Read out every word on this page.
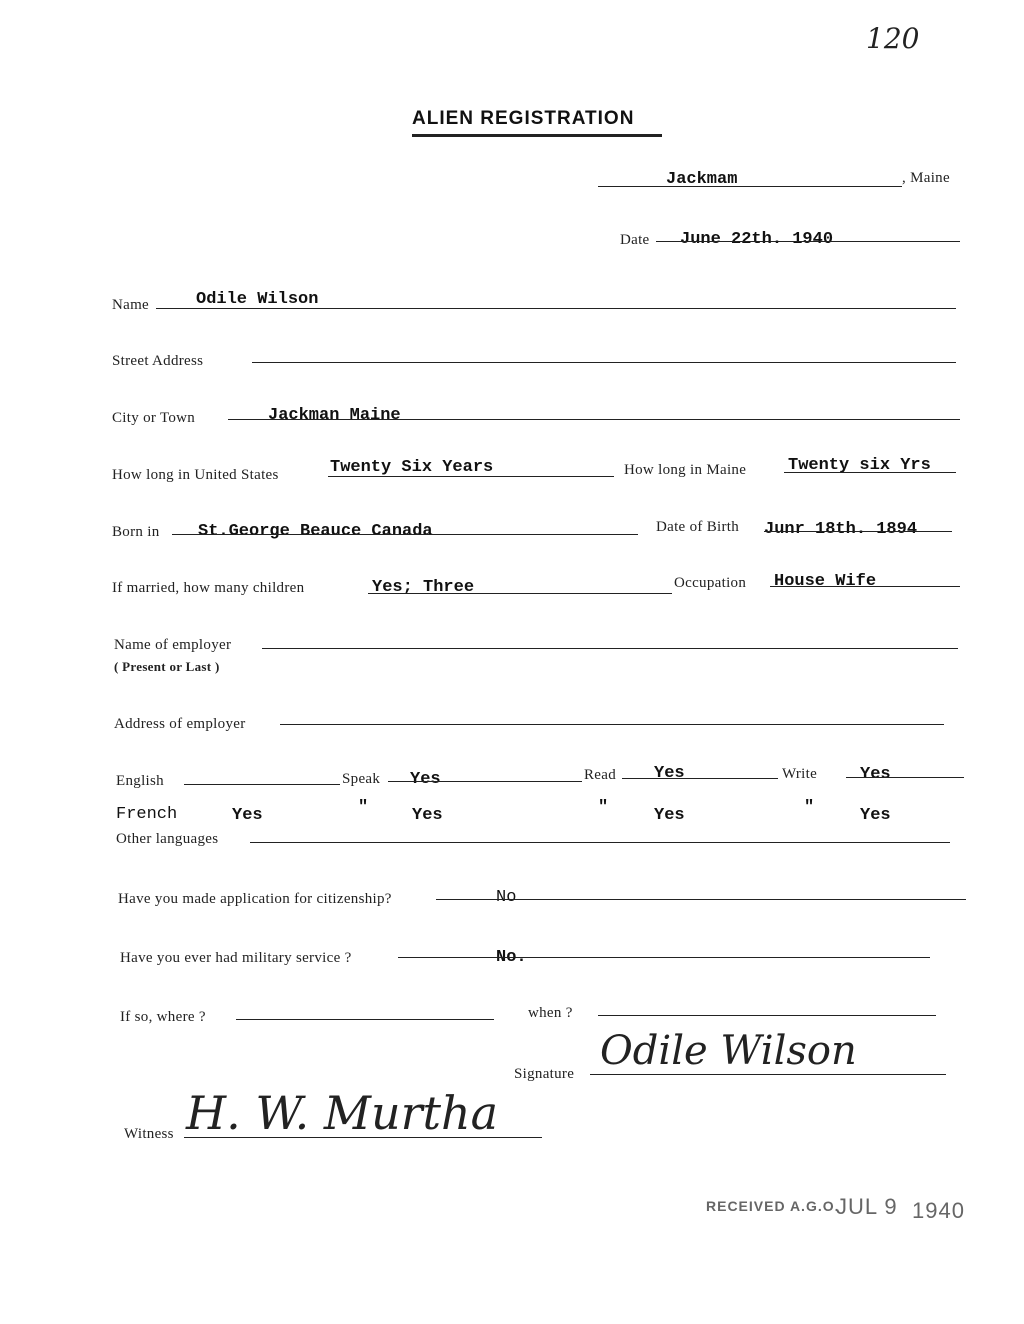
120
ALIEN REGISTRATION
Jackmam	, Maine
Date June 22th. 1940
Name	Odile Wilson
Street Address
City or Town	Jackman Maine
How long in United States	Twenty Six Years	How long in Maine Twenty six Yrs
Born in St.George Beauce Canada	Date of Birth Junr 18th. 1894
If married, how many children	Yes; Three	Occupation House Wife
Name of employer
( Present or Last )
Address of employer
English	Speak Yes	Read Yes	Write	Yes
French	Yes	"	Yes	"	Yes	"	Yes
Other languages
Have you made application for citizenship?	No
Have you ever had military service ?	No.
If so, where ?	when ?
Signature Odile Wilson
Witness H. W. Murtha
RECEIVED A.G.O.
JUL 9 1940
